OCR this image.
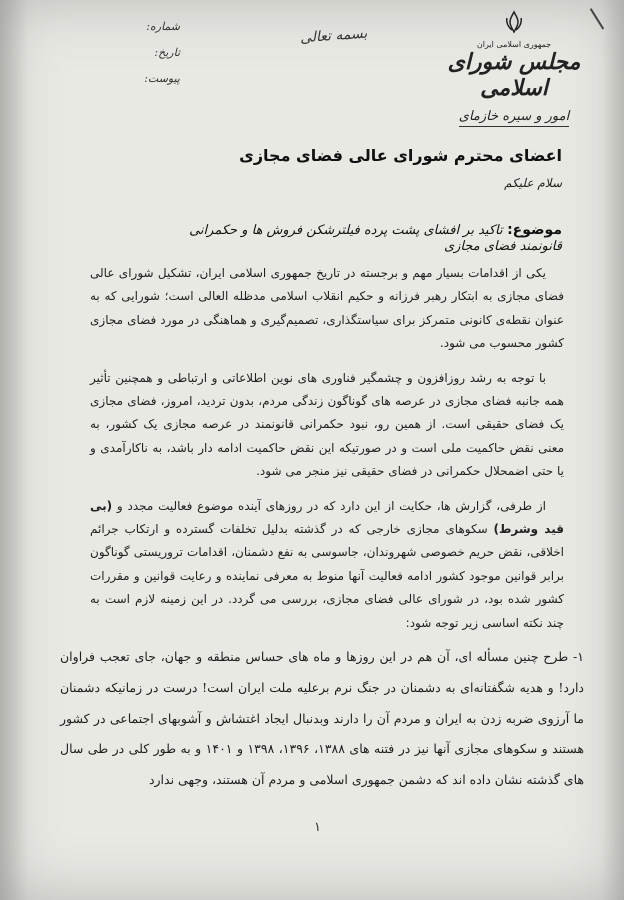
شماره:
تاریخ:
پیوست:
بسمه تعالی	جمهوری اسلامی ایران
مجلس شورای اسلامی
امور و سیره خازمای
اعضای محترم شورای عالی فضای مجازی
سلام علیکم
موضوع: تاکید بر افشای پشت پرده فیلترشکن فروش ها و حکمرانی قانونمند فضای مجازی

یکی از اقدامات بسیار مهم و برجسته در تاریخ جمهوری اسلامی ایران، تشکیل شورای عالی فضای مجازی به ابتکار رهبر فرزانه و حکیم انقلاب اسلامی مدظله العالی است؛ شورایی که به عنوان نقطه‌ی کانونی متمرکز برای سیاستگذاری، تصمیم‌گیری و هماهنگی در مورد فضای مجازی کشور محسوب می شود.

با توجه به رشد روزافزون و چشمگیر فناوری های نوین اطلاعاتی و ارتباطی و همچنین تأثیر همه جانبه فضای مجازی در عرصه های گوناگون زندگی مردم، بدون تردید، امروز، فضای مجازی یک فضای حقیقی است. از همین رو، نبود حکمرانی قانونمند در عرصه مجازی یک کشور، به معنی نقض حاکمیت ملی است و در صورتیکه این نقض حاکمیت ادامه دار باشد، به ناکارآمدی و یا حتی اضمحلال حکمرانی در فضای حقیقی نیز منجر می شود.

از طرفی، گزارش ها، حکایت از این دارد که در روزهای آینده موضوع فعالیت مجدد و (بی قید وشرط) سکوهای مجازی خارجی که در گذشته بدلیل تخلفات گسترده و ارتکاب جرائم اخلاقی، نقض حریم خصوصی شهروندان، جاسوسی به نفع دشمنان، اقدامات تروریستی گوناگون برابر قوانین موجود کشور ادامه فعالیت آنها منوط به معرفی نماینده و رعایت قوانین و مقررات کشور شده بود، در شورای عالی فضای مجازی، بررسی می گردد. در این زمینه لازم است به چند نکته اساسی زیر توجه شود:

۱- طرح چنین مسأله ای، آن هم در این روزها و ماه های حساس منطقه و جهان، جای تعجب فراوان دارد! و هدیه شگفتانه‌ای به دشمنان در جنگ نرم برعلیه ملت ایران است! درست در زمانیکه دشمنان ما آرزوی ضربه زدن به ایران و مردم آن را دارند وبدنبال ایجاد اغتشاش و آشوبهای اجتماعی در کشور هستند و سکوهای مجازی آنها نیز در فتنه های ۱۳۸۸، ۱۳۹۶، ۱۳۹۸ و ۱۴۰۱ و به طور کلی در طی سال های گذشته نشان داده اند که دشمن جمهوری اسلامی و مردم آن هستند، وجهی ندارد
۱
